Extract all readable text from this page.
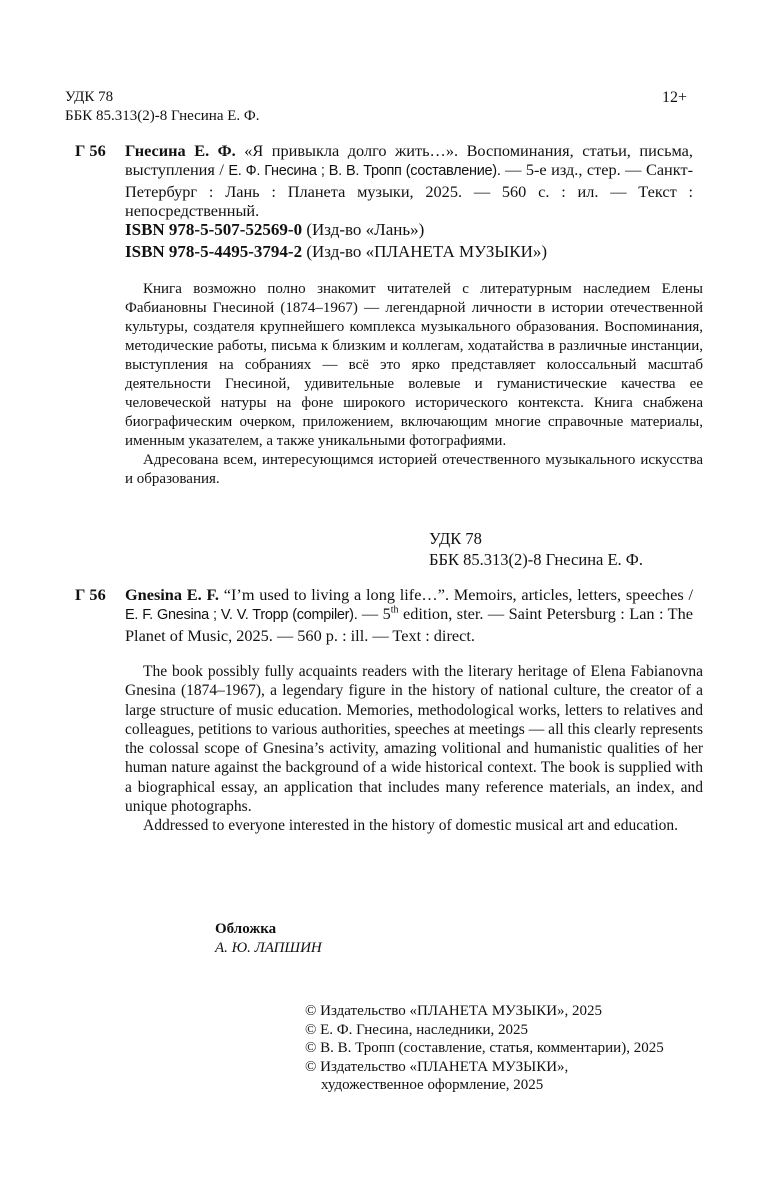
УДК 78
ББК 85.313(2)-8 Гнесина Е. Ф.
12+
Г 56 Гнесина Е. Ф. «Я привыкла долго жить…». Воспоминания, статьи, письма, выступления / Е. Ф. Гнесина ; В. В. Тропп (составление). — 5-е изд., стер. — Санкт-Петербург : Лань : Планета музыки, 2025. — 560 с. : ил. — Текст : непосредственный.
ISBN 978-5-507-52569-0 (Изд-во «Лань»)
ISBN 978-5-4495-3794-2 (Изд-во «ПЛАНЕТА МУЗЫКИ»)
Книга возможно полно знакомит читателей с литературным наследием Елены Фабиановны Гнесиной (1874–1967) — легендарной личности в истории отечественной культуры, создателя крупнейшего комплекса музыкального образования. Воспоминания, методические работы, письма к близким и коллегам, ходатайства в различные инстанции, выступления на собраниях — всё это ярко представляет колоссальный масштаб деятельности Гнесиной, удивительные волевые и гуманистические качества ее человеческой натуры на фоне широкого исторического контекста. Книга снабжена биографическим очерком, приложением, включающим многие справочные материалы, именным указателем, а также уникальными фотографиями.
Адресована всем, интересующимся историей отечественного музыкального искусства и образования.
УДК 78
ББК 85.313(2)-8 Гнесина Е. Ф.
Г 56 Gnesina E. F. “I’m used to living a long life…”. Memoirs, articles, letters, speeches / E. F. Gnesina ; V. V. Tropp (compiler). — 5th edition, ster. — Saint Petersburg : Lan : The Planet of Music, 2025. — 560 p. : ill. — Text : direct.
The book possibly fully acquaints readers with the literary heritage of Elena Fabianovna Gnesina (1874–1967), a legendary figure in the history of national culture, the creator of a large structure of music education. Memories, methodological works, letters to relatives and colleagues, petitions to various authorities, speeches at meetings — all this clearly represents the colossal scope of Gnesina’s activity, amazing volitional and humanistic qualities of her human nature against the background of a wide historical context. The book is supplied with a biographical essay, an application that includes many reference materials, an index, and unique photographs.
Addressed to everyone interested in the history of domestic musical art and education.
Обложка
А. Ю. ЛАПШИН
© Издательство «ПЛАНЕТА МУЗЫКИ», 2025
© Е. Ф. Гнесина, наследники, 2025
© В. В. Тропп (составление, статья, комментарии), 2025
© Издательство «ПЛАНЕТА МУЗЫКИ», художественное оформление, 2025
